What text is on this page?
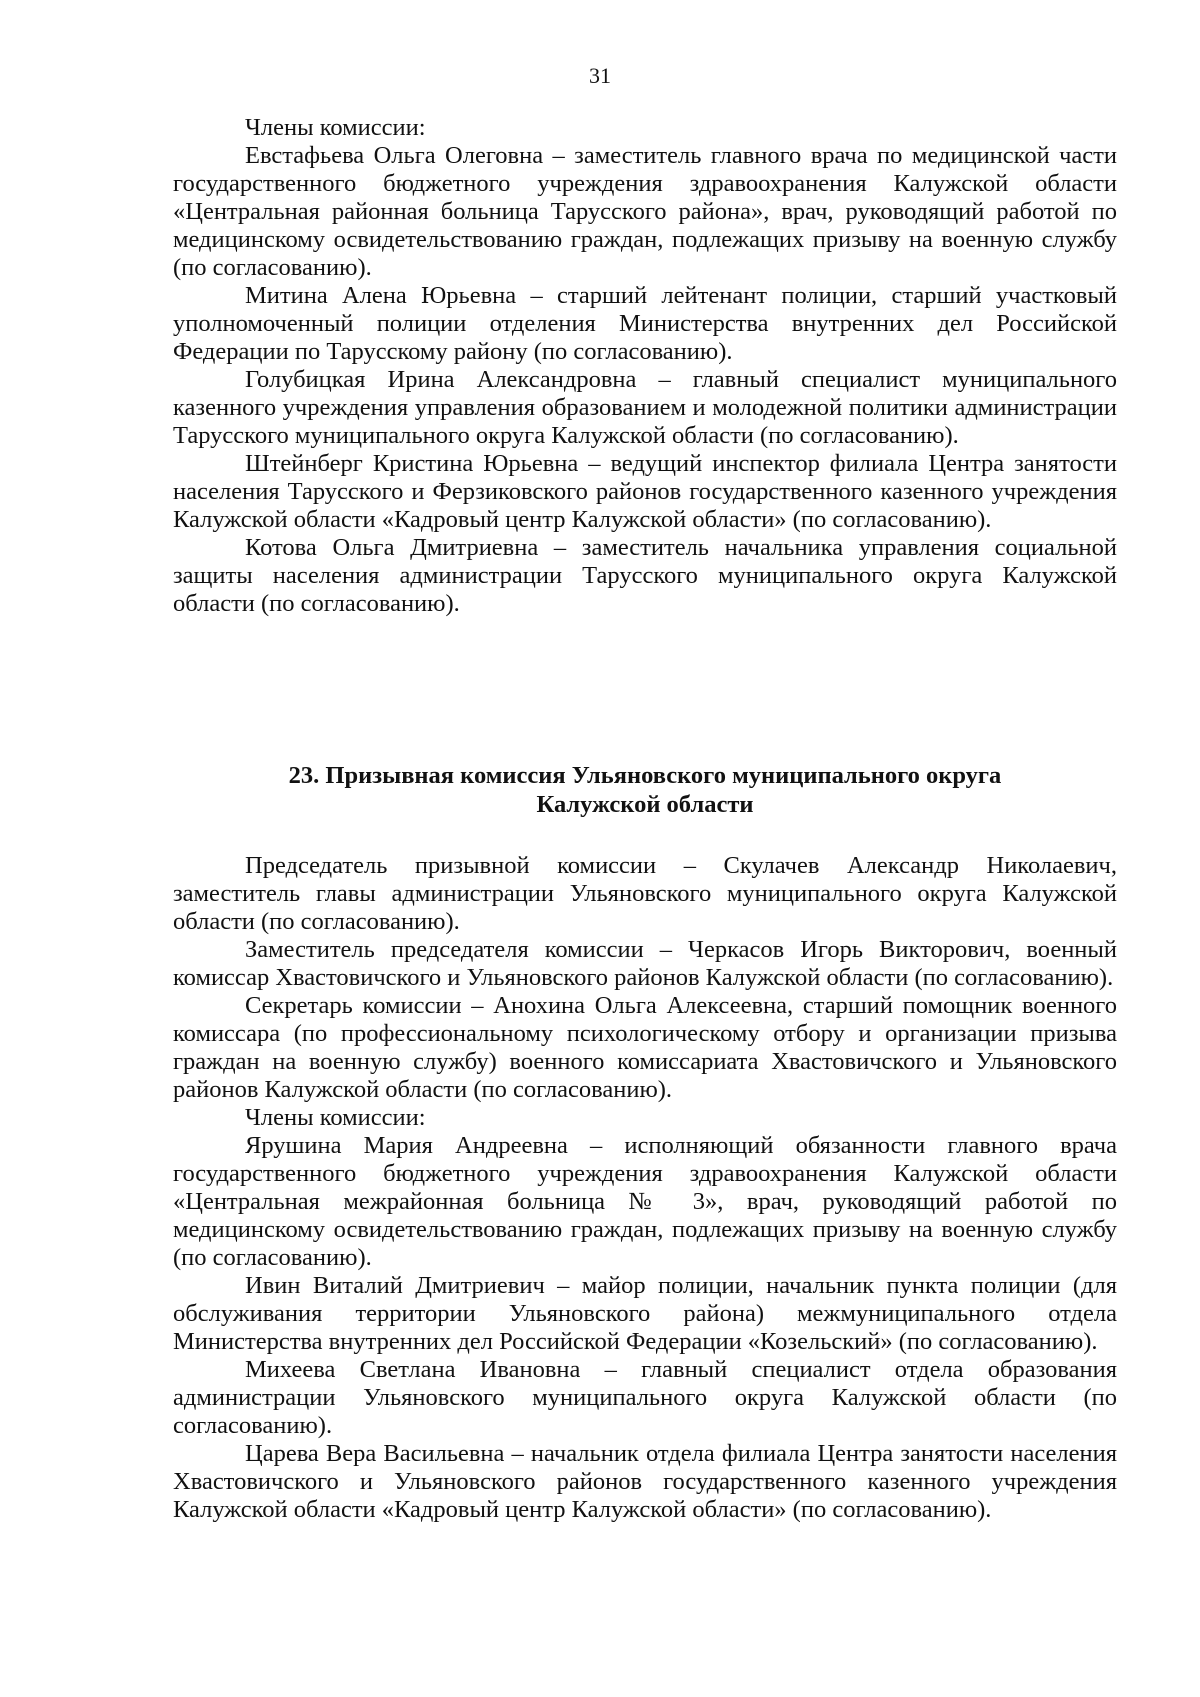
31

Члены комиссии:

Евстафьева Ольга Олеговна – заместитель главного врача по медицинской части государственного бюджетного учреждения здравоохранения Калужской области «Центральная районная больница Тарусского района», врач, руководящий работой по медицинскому освидетельствованию граждан, подлежащих призыву на военную службу (по согласованию).

Митина Алена Юрьевна – старший лейтенант полиции, старший участковый уполномоченный полиции отделения Министерства внутренних дел Российской Федерации по Тарусскому району (по согласованию).

Голубицкая Ирина Александровна – главный специалист муниципального казенного учреждения управления образованием и молодежной политики администрации Тарусского муниципального округа Калужской области (по согласованию).

Штейнберг Кристина Юрьевна – ведущий инспектор филиала Центра занятости населения Тарусского и Ферзиковского районов государственного казенного учреждения Калужской области «Кадровый центр Калужской области» (по согласованию).

Котова Ольга Дмитриевна – заместитель начальника управления социальной защиты населения администрации Тарусского муниципального округа Калужской области (по согласованию).

23. Призывная комиссия Ульяновского муниципального округа
Калужской области

Председатель призывной комиссии – Скулачев Александр Николаевич, заместитель главы администрации Ульяновского муниципального округа Калужской области (по согласованию).

Заместитель председателя комиссии – Черкасов Игорь Викторович, военный комиссар Хвастовичского и Ульяновского районов Калужской области (по согласованию).

Секретарь комиссии – Анохина Ольга Алексеевна, старший помощник военного комиссара (по профессиональному психологическому отбору и организации призыва граждан на военную службу) военного комиссариата Хвастовичского и Ульяновского районов Калужской области (по согласованию).

Члены комиссии:

Ярушина Мария Андреевна – исполняющий обязанности главного врача государственного бюджетного учреждения здравоохранения Калужской области «Центральная межрайонная больница № 3», врач, руководящий работой по медицинскому освидетельствованию граждан, подлежащих призыву на военную службу (по согласованию).

Ивин Виталий Дмитриевич – майор полиции, начальник пункта полиции (для обслуживания территории Ульяновского района) межмуниципального отдела Министерства внутренних дел Российской Федерации «Козельский» (по согласованию).

Михеева Светлана Ивановна – главный специалист отдела образования администрации Ульяновского муниципального округа Калужской области (по согласованию).

Царева Вера Васильевна – начальник отдела филиала Центра занятости населения Хвастовичского и Ульяновского районов государственного казенного учреждения Калужской области «Кадровый центр Калужской области» (по согласованию).
